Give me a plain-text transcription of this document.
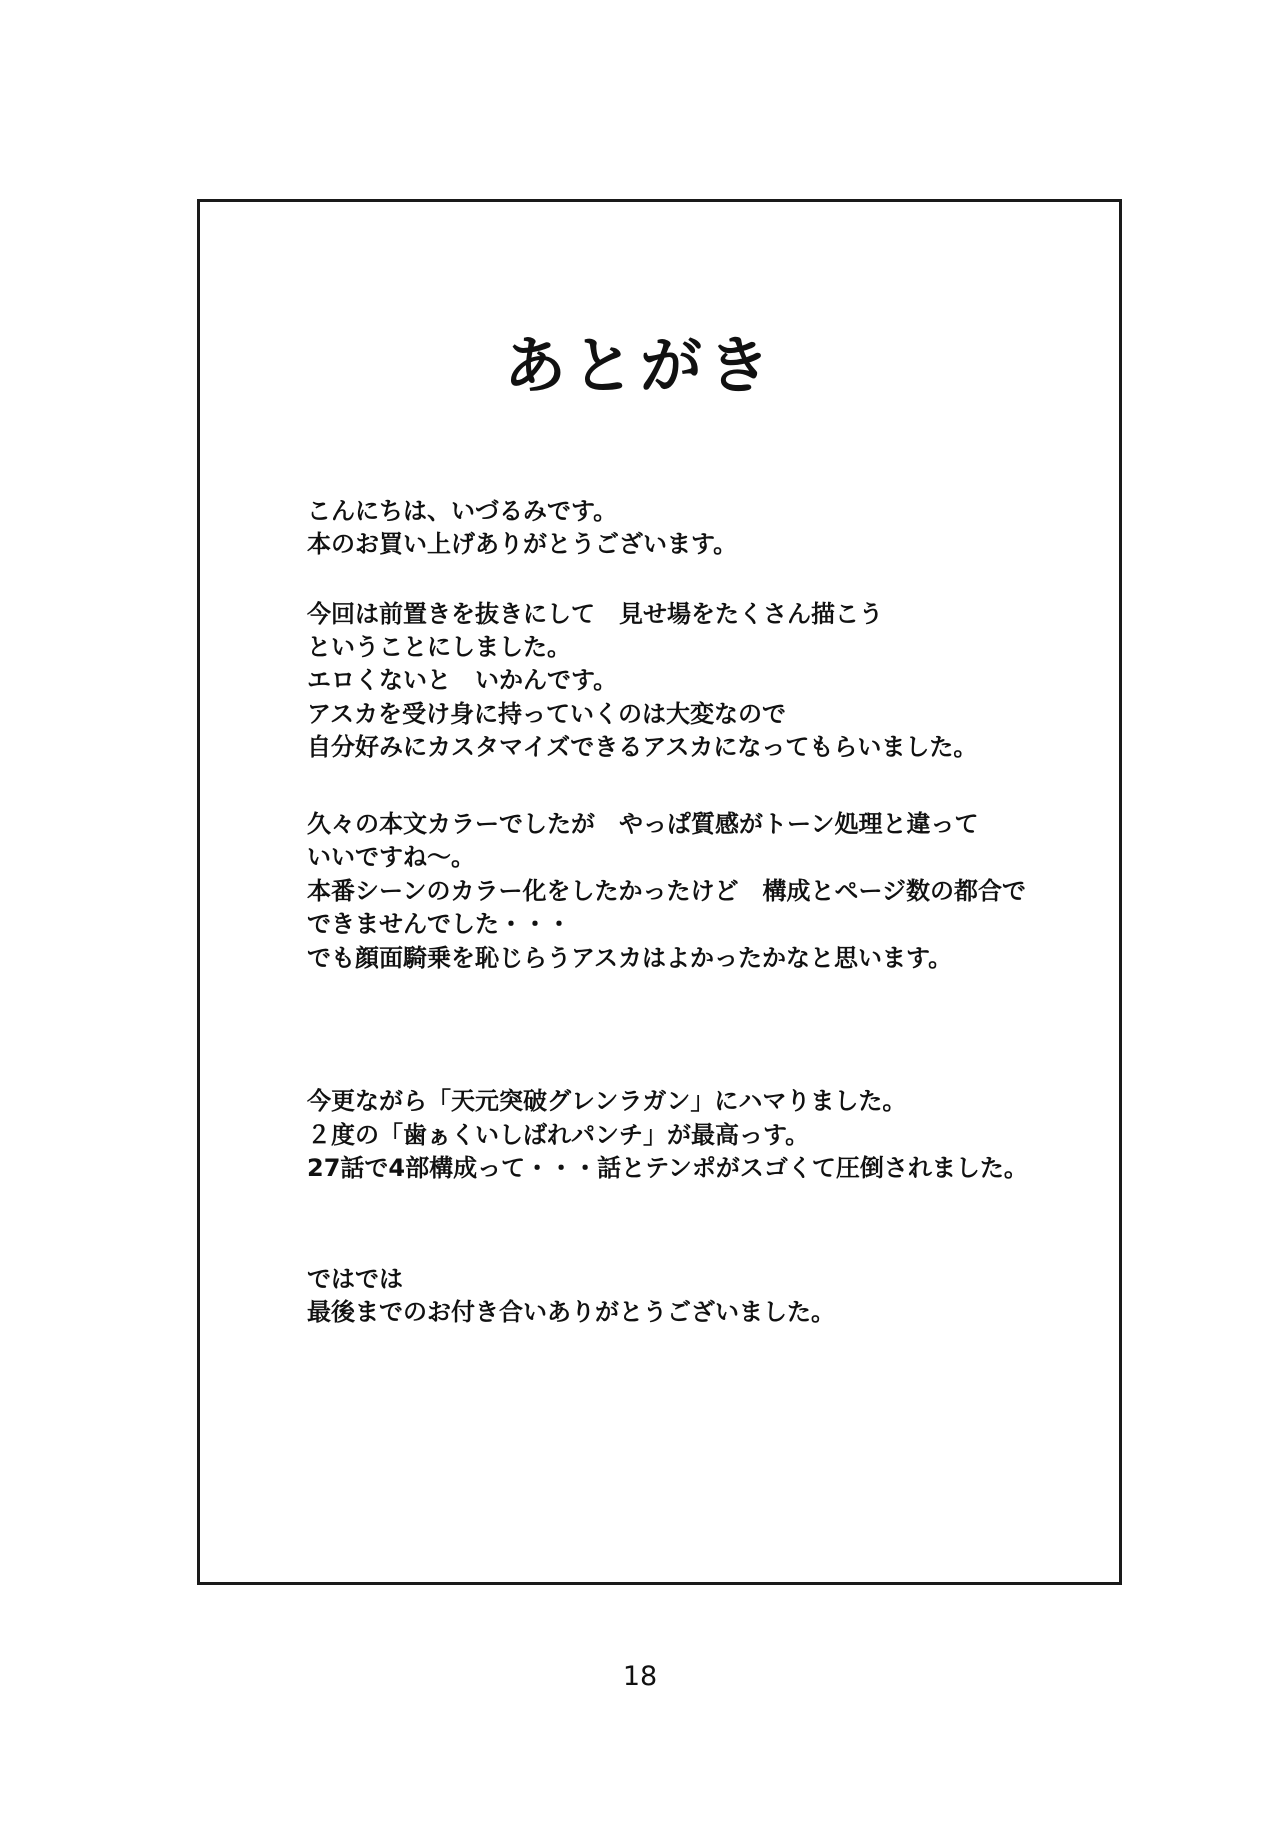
あとがき

こんにちは、いづるみです。

本のお買い上げありがとうございます。

今回は前置きを抜きにして　見せ場をたくさん描こう

ということにしました。

エロくないと　いかんです。

アスカを受け身に持っていくのは大変なので

自分好みにカスタマイズできるアスカになってもらいました。

久々の本文カラーでしたが　やっぱ質感がトーン処理と違って

いいですね～。

本番シーンのカラー化をしたかったけど　構成とページ数の都合で

できませんでした・・・

でも顔面騎乗を恥じらうアスカはよかったかなと思います。

今更ながら「天元突破グレンラガン」にハマりました。

２度の「歯ぁくいしばれパンチ」が最高っす。

27話で4部構成って・・・話とテンポがスゴくて圧倒されました。

ではでは

最後までのお付き合いありがとうございました。

18
